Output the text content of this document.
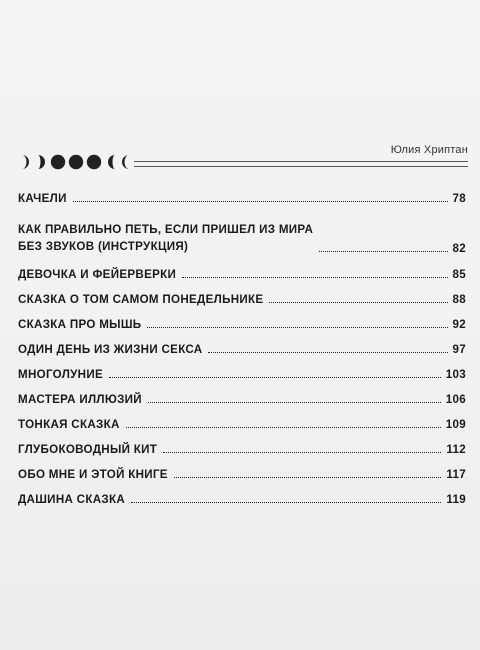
Юлия Хриптан
КАЧЕЛИ	78
КАК ПРАВИЛЬНО ПЕТЬ, ЕСЛИ ПРИШЕЛ ИЗ МИРА
БЕЗ ЗВУКОВ (ИНСТРУКЦИЯ)	82
ДЕВОЧКА И ФЕЙЕРВЕРКИ	85
СКАЗКА О ТОМ САМОМ ПОНЕДЕЛЬНИКЕ	88
СКАЗКА ПРО МЫШЬ	92
ОДИН ДЕНЬ ИЗ ЖИЗНИ СЕКСА	97
МНОГОЛУНИЕ	103
МАСТЕРА ИЛЛЮЗИЙ	106
ТОНКАЯ СКАЗКА	109
ГЛУБОКОВОДНЫЙ КИТ	112
ОБО МНЕ И ЭТОЙ КНИГЕ	117
ДАШИНА СКАЗКА	119
